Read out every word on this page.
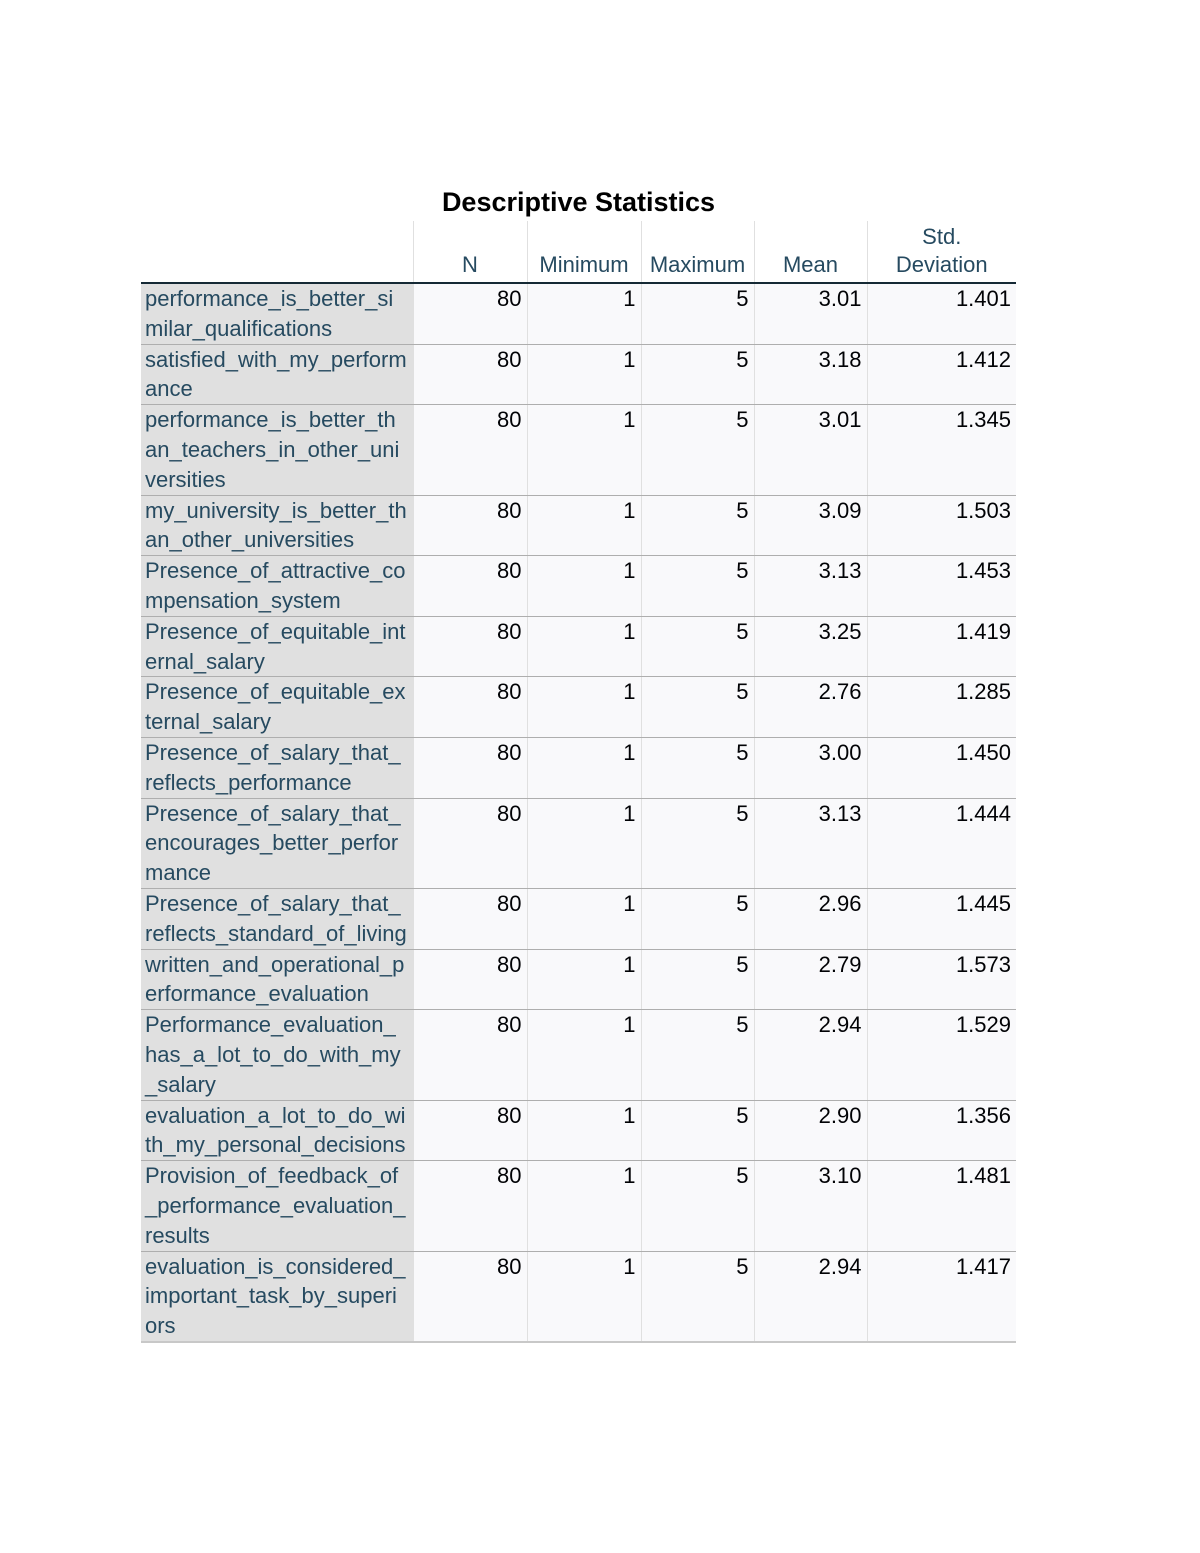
Descriptive Statistics
	N	Minimum	Maximum	Mean	Std.
Deviation
performance_is_better_similar_qualifications	80	1	5	3.01	1.401
satisfied_with_my_performance	80	1	5	3.18	1.412
performance_is_better_than_teachers_in_other_universities	80	1	5	3.01	1.345
my_university_is_better_than_other_universities	80	1	5	3.09	1.503
Presence_of_attractive_compensation_system	80	1	5	3.13	1.453
Presence_of_equitable_internal_salary	80	1	5	3.25	1.419
Presence_of_equitable_external_salary	80	1	5	2.76	1.285
Presence_of_salary_that_reflects_performance	80	1	5	3.00	1.450
Presence_of_salary_that_encourages_better_performance	80	1	5	3.13	1.444
Presence_of_salary_that_reflects_standard_of_living	80	1	5	2.96	1.445
written_and_operational_performance_evaluation	80	1	5	2.79	1.573
Performance_evaluation_has_a_lot_to_do_with_my_salary	80	1	5	2.94	1.529
evaluation_a_lot_to_do_with_my_personal_decisions	80	1	5	2.90	1.356
Provision_of_feedback_of_performance_evaluation_results	80	1	5	3.10	1.481
evaluation_is_considered_important_task_by_superiors	80	1	5	2.94	1.417
